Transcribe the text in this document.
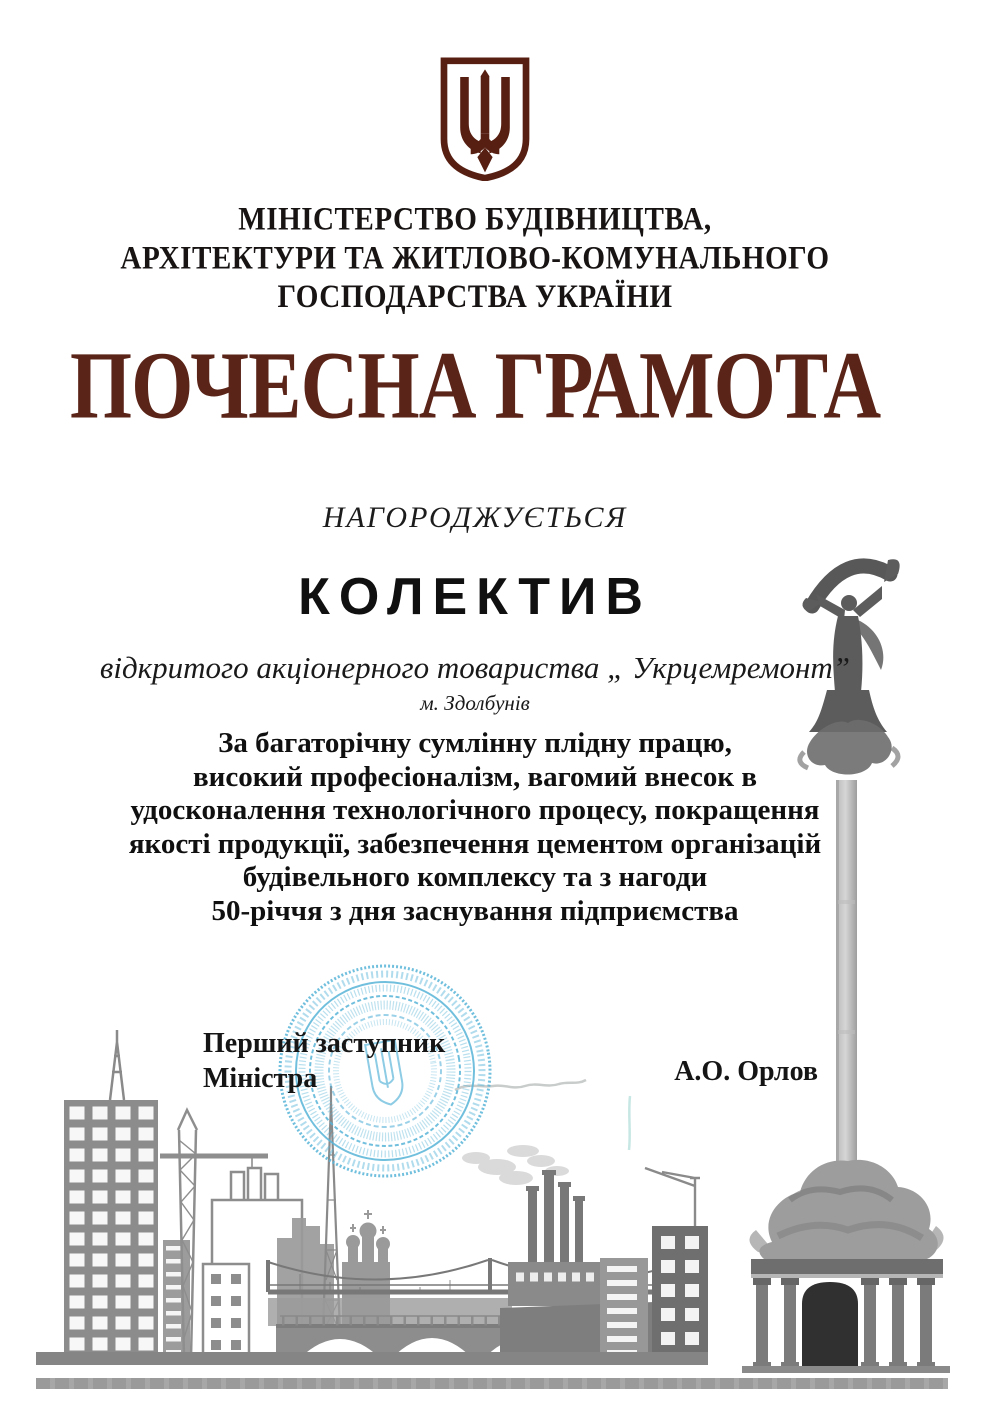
МІНІСТЕРСТВО БУДІВНИЦТВА,
АРХІТЕКТУРИ ТА ЖИТЛОВО-КОМУНАЛЬНОГО
ГОСПОДАРСТВА УКРАЇНИ
ПОЧЕСНА ГРАМОТА
НАГОРОДЖУЄТЬСЯ
КОЛЕКТИВ
відкритого акціонерного товариства „ Укрцемремонт”
м. Здолбунів
За багаторічну сумлінну плідну працю,
високий професіоналізм, вагомий внесок в
удосконалення технологічного процесу, покращення
якості продукції, забезпечення цементом організацій
будівельного комплексу та з нагоди
50-річчя з дня заснування підприємства
Перший заступник
Міністра	А.О. Орлов
